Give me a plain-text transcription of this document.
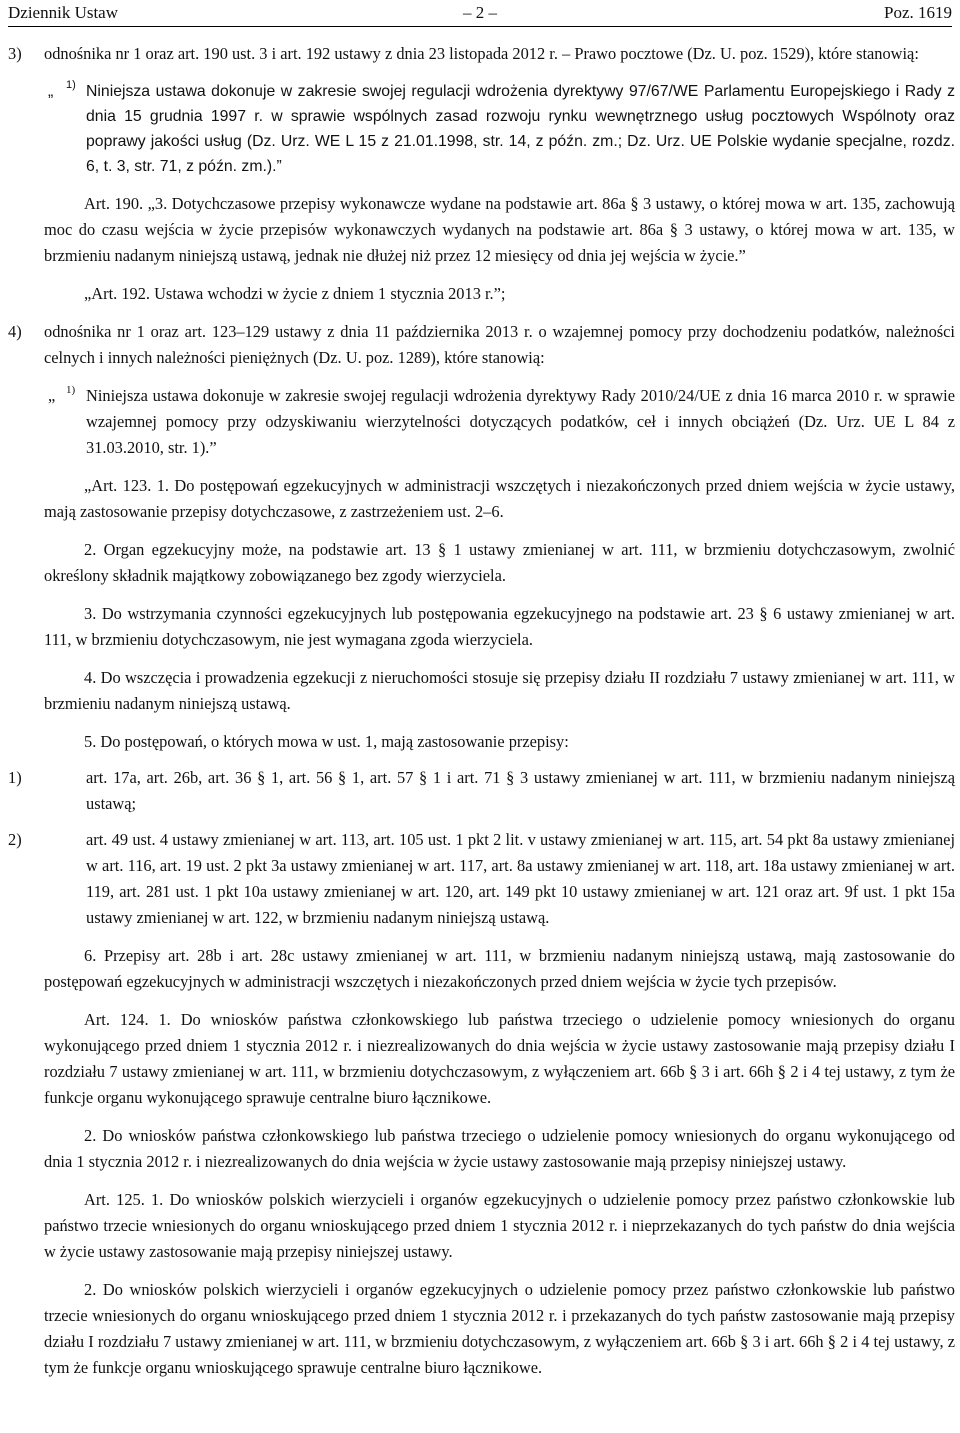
Dziennik Ustaw	– 2 –	Poz. 1619
3) odnośnika nr 1 oraz art. 190 ust. 3 i art. 192 ustawy z dnia 23 listopada 2012 r. – Prawo pocztowe (Dz. U. poz. 1529), które stanowią:

„ 1) Niniejsza ustawa dokonuje w zakresie swojej regulacji wdrożenia dyrektywy 97/67/WE Parlamentu Europejskiego i Rady z dnia 15 grudnia 1997 r. w sprawie wspólnych zasad rozwoju rynku wewnętrznego usług pocztowych Wspólnoty oraz poprawy jakości usług (Dz. Urz. WE L 15 z 21.01.1998, str. 14, z późn. zm.; Dz. Urz. UE Polskie wydanie specjalne, rozdz. 6, t. 3, str. 71, z późn. zm.).”

Art. 190. „3. Dotychczasowe przepisy wykonawcze wydane na podstawie art. 86a § 3 ustawy, o której mowa w art. 135, zachowują moc do czasu wejścia w życie przepisów wykonawczych wydanych na podstawie art. 86a § 3 ustawy, o której mowa w art. 135, w brzmieniu nadanym niniejszą ustawą, jednak nie dłużej niż przez 12 miesięcy od dnia jej wejścia w życie.”

„Art. 192. Ustawa wchodzi w życie z dniem 1 stycznia 2013 r.”;

4) odnośnika nr 1 oraz art. 123–129 ustawy z dnia 11 października 2013 r. o wzajemnej pomocy przy dochodzeniu podatków, należności celnych i innych należności pieniężnych (Dz. U. poz. 1289), które stanowią:

„ 1) Niniejsza ustawa dokonuje w zakresie swojej regulacji wdrożenia dyrektywy Rady 2010/24/UE z dnia 16 marca 2010 r. w sprawie wzajemnej pomocy przy odzyskiwaniu wierzytelności dotyczących podatków, ceł i innych obciążeń (Dz. Urz. UE L 84 z 31.03.2010, str. 1).”

„Art. 123. 1. Do postępowań egzekucyjnych w administracji wszczętych i niezakończonych przed dniem wejścia w życie ustawy, mają zastosowanie przepisy dotychczasowe, z zastrzeżeniem ust. 2–6.

2. Organ egzekucyjny może, na podstawie art. 13 § 1 ustawy zmienianej w art. 111, w brzmieniu dotychczasowym, zwolnić określony składnik majątkowy zobowiązanego bez zgody wierzyciela.

3. Do wstrzymania czynności egzekucyjnych lub postępowania egzekucyjnego na podstawie art. 23 § 6 ustawy zmienianej w art. 111, w brzmieniu dotychczasowym, nie jest wymagana zgoda wierzyciela.

4. Do wszczęcia i prowadzenia egzekucji z nieruchomości stosuje się przepisy działu II rozdziału 7 ustawy zmienianej w art. 111, w brzmieniu nadanym niniejszą ustawą.

5. Do postępowań, o których mowa w ust. 1, mają zastosowanie przepisy:

1)	art. 17a, art. 26b, art. 36 § 1, art. 56 § 1, art. 57 § 1 i art. 71 § 3 ustawy zmienianej w art. 111, w brzmieniu nadanym niniejszą ustawą;

2)	art. 49 ust. 4 ustawy zmienianej w art. 113, art. 105 ust. 1 pkt 2 lit. v ustawy zmienianej w art. 115, art. 54 pkt 8a ustawy zmienianej w art. 116, art. 19 ust. 2 pkt 3a ustawy zmienianej w art. 117, art. 8a ustawy zmienianej w art. 118, art. 18a ustawy zmienianej w art. 119, art. 281 ust. 1 pkt 10a ustawy zmienianej w art. 120, art. 149 pkt 10 ustawy zmienianej w art. 121 oraz art. 9f ust. 1 pkt 15a ustawy zmienianej w art. 122, w brzmieniu nadanym niniejszą ustawą.

6. Przepisy art. 28b i art. 28c ustawy zmienianej w art. 111, w brzmieniu nadanym niniejszą ustawą, mają zastosowanie do postępowań egzekucyjnych w administracji wszczętych i niezakończonych przed dniem wejścia w życie tych przepisów.

Art. 124. 1. Do wniosków państwa członkowskiego lub państwa trzeciego o udzielenie pomocy wniesionych do organu wykonującego przed dniem 1 stycznia 2012 r. i niezrealizowanych do dnia wejścia w życie ustawy zastosowanie mają przepisy działu I rozdziału 7 ustawy zmienianej w art. 111, w brzmieniu dotychczasowym, z wyłączeniem art. 66b § 3 i art. 66h § 2 i 4 tej ustawy, z tym że funkcje organu wykonującego sprawuje centralne biuro łącznikowe.

2. Do wniosków państwa członkowskiego lub państwa trzeciego o udzielenie pomocy wniesionych do organu wykonującego od dnia 1 stycznia 2012 r. i niezrealizowanych do dnia wejścia w życie ustawy zastosowanie mają przepisy niniejszej ustawy.

Art. 125. 1. Do wniosków polskich wierzycieli i organów egzekucyjnych o udzielenie pomocy przez państwo członkowskie lub państwo trzecie wniesionych do organu wnioskującego przed dniem 1 stycznia 2012 r. i nieprzekazanych do tych państw do dnia wejścia w życie ustawy zastosowanie mają przepisy niniejszej ustawy.

2. Do wniosków polskich wierzycieli i organów egzekucyjnych o udzielenie pomocy przez państwo członkowskie lub państwo trzecie wniesionych do organu wnioskującego przed dniem 1 stycznia 2012 r. i przekazanych do tych państw zastosowanie mają przepisy działu I rozdziału 7 ustawy zmienianej w art. 111, w brzmieniu dotychczasowym, z wyłączeniem art. 66b § 3 i art. 66h § 2 i 4 tej ustawy, z tym że funkcje organu wnioskującego sprawuje centralne biuro łącznikowe.
